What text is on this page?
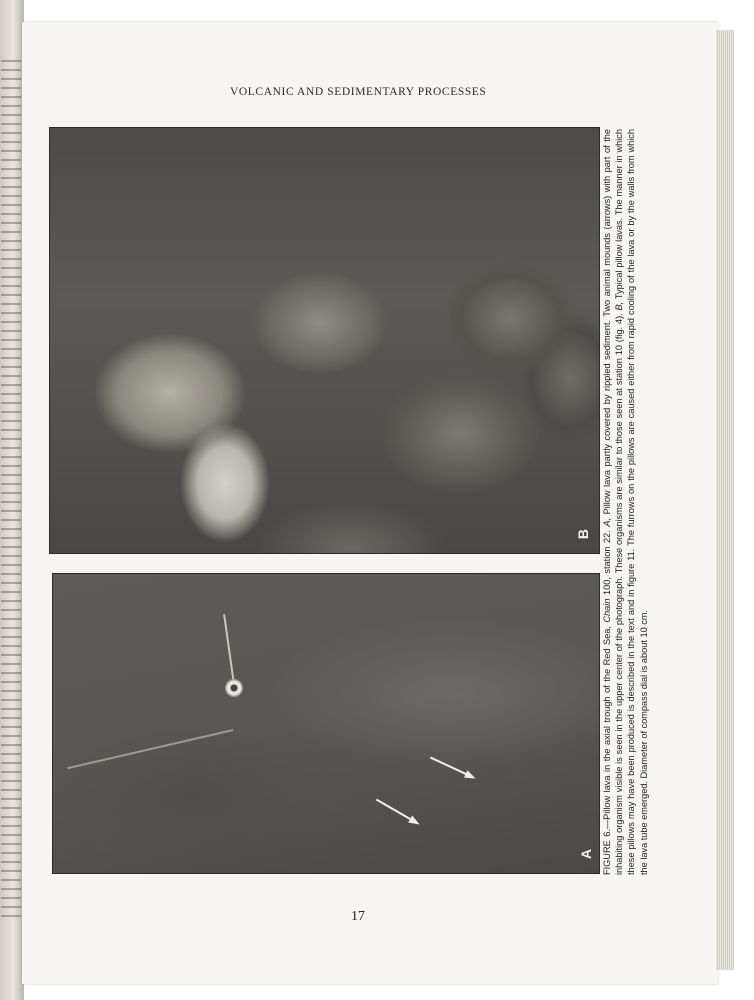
VOLCANIC AND SEDIMENTARY PROCESSES
B
A FIGURE 6.—Pillow lava in the axial trough of the Red Sea, Chain 100, station 22. A, Pillow lava partly covered by rippled sediment. Two animal mounds (arrows) with part of the inhabiting organism visible is seen in the upper center of the photograph. These organisms are similar to those seen at station 10 (fig. 4). B, Typical pillow lavas. The manner in which these pillows may have been produced is described in the text and in figure 11. The furrows on the pillows are caused either from rapid cooling of the lava or by the walls from which the lava tube emerged. Diameter of compass dial is about 10 cm.
17
